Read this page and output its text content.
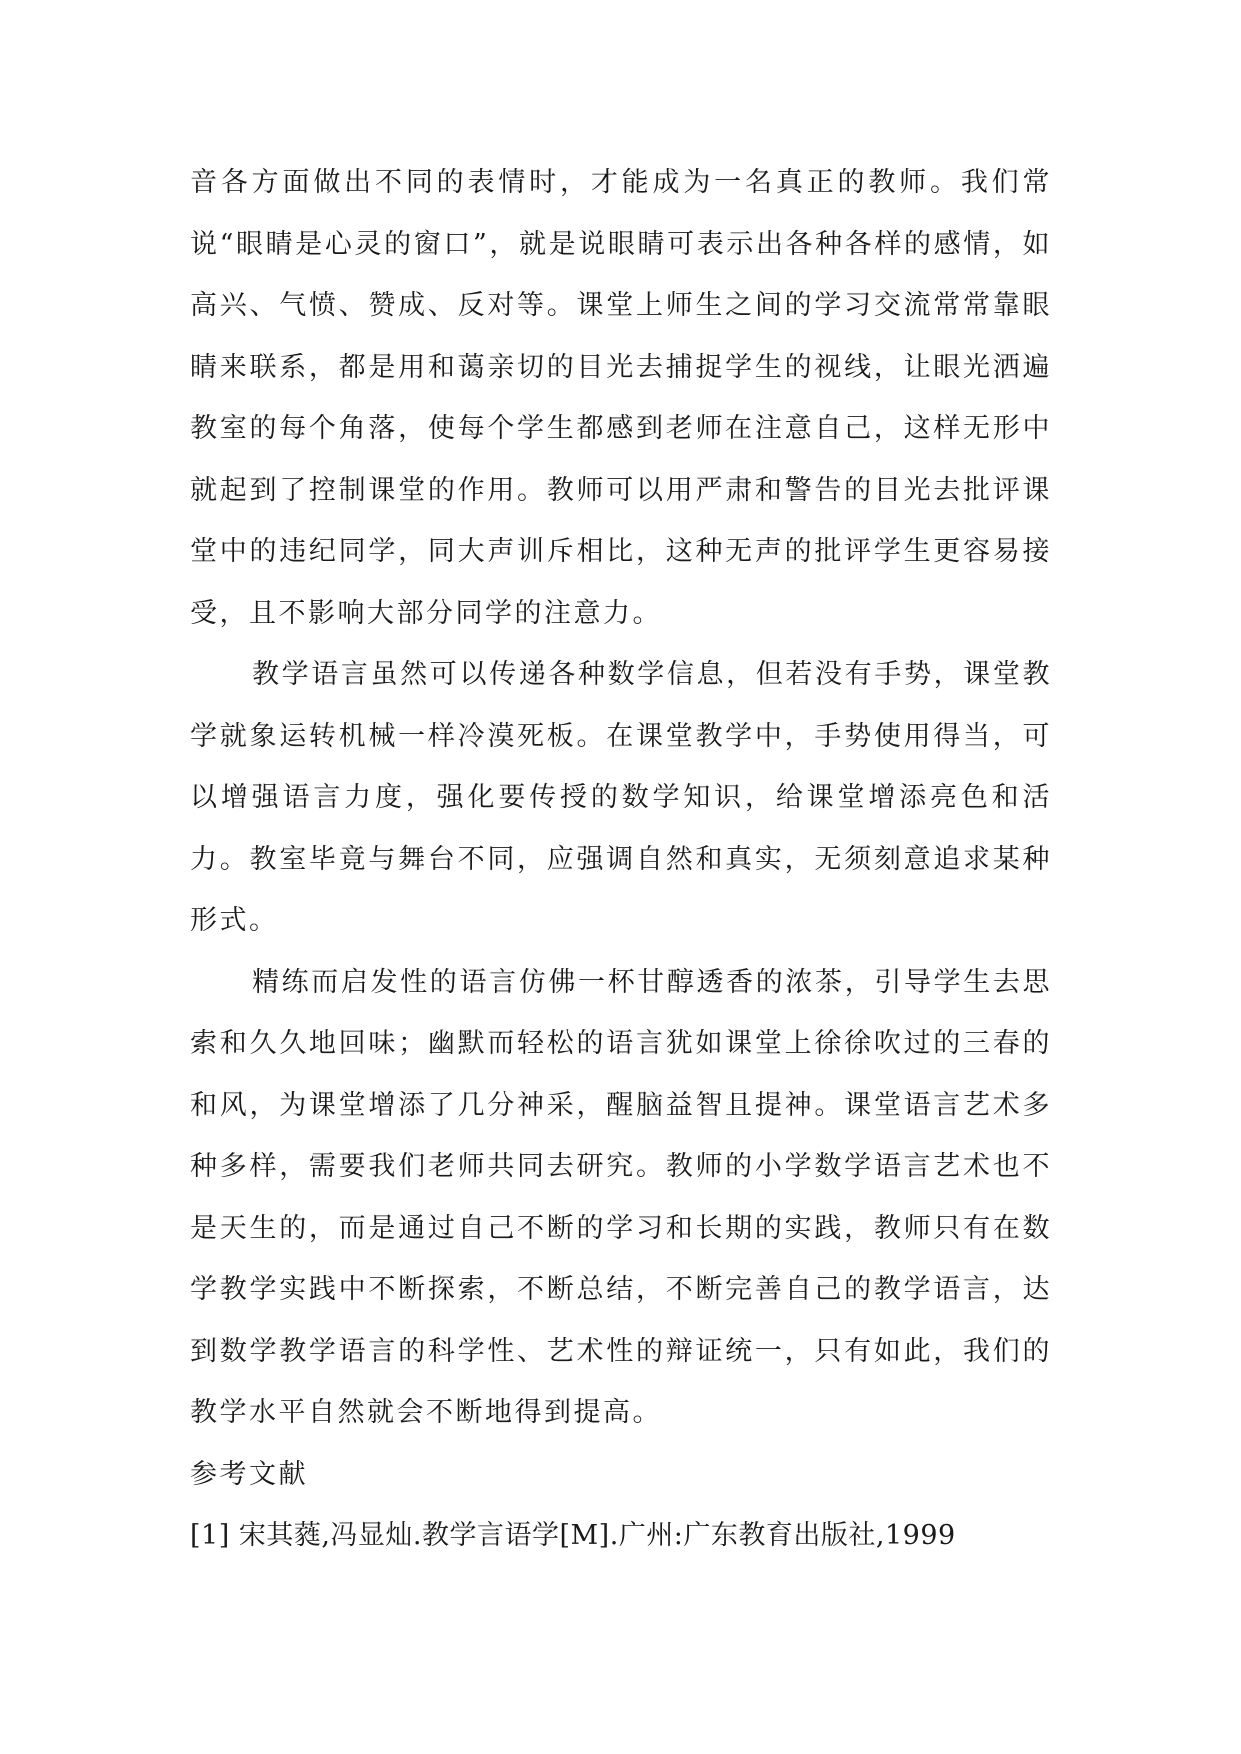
音各方面做出不同的表情时，才能成为一名真正的教师。我们常说“眼睛是心灵的窗口”，就是说眼睛可表示出各种各样的感情，如高兴、气愤、赞成、反对等。课堂上师生之间的学习交流常常靠眼睛来联系，都是用和蔼亲切的目光去捕捉学生的视线，让眼光洒遍教室的每个角落，使每个学生都感到老师在注意自己，这样无形中就起到了控制课堂的作用。教师可以用严肃和警告的目光去批评课堂中的违纪同学，同大声训斥相比，这种无声的批评学生更容易接受，且不影响大部分同学的注意力。

教学语言虽然可以传递各种数学信息，但若没有手势，课堂教学就象运转机械一样冷漠死板。在课堂教学中，手势使用得当，可以增强语言力度，强化要传授的数学知识，给课堂增添亮色和活力。教室毕竟与舞台不同，应强调自然和真实，无须刻意追求某种形式。

精练而启发性的语言仿佛一杯甘醇透香的浓茶，引导学生去思索和久久地回味；幽默而轻松的语言犹如课堂上徐徐吹过的三春的和风，为课堂增添了几分神采，醒脑益智且提神。课堂语言艺术多种多样，需要我们老师共同去研究。教师的小学数学语言艺术也不是天生的，而是通过自己不断的学习和长期的实践，教师只有在数学教学实践中不断探索，不断总结，不断完善自己的教学语言，达到数学教学语言的科学性、艺术性的辩证统一，只有如此，我们的教学水平自然就会不断地得到提高。

参考文献

[1] 宋其蕤,冯显灿.教学言语学[M].广州:广东教育出版社,1999
